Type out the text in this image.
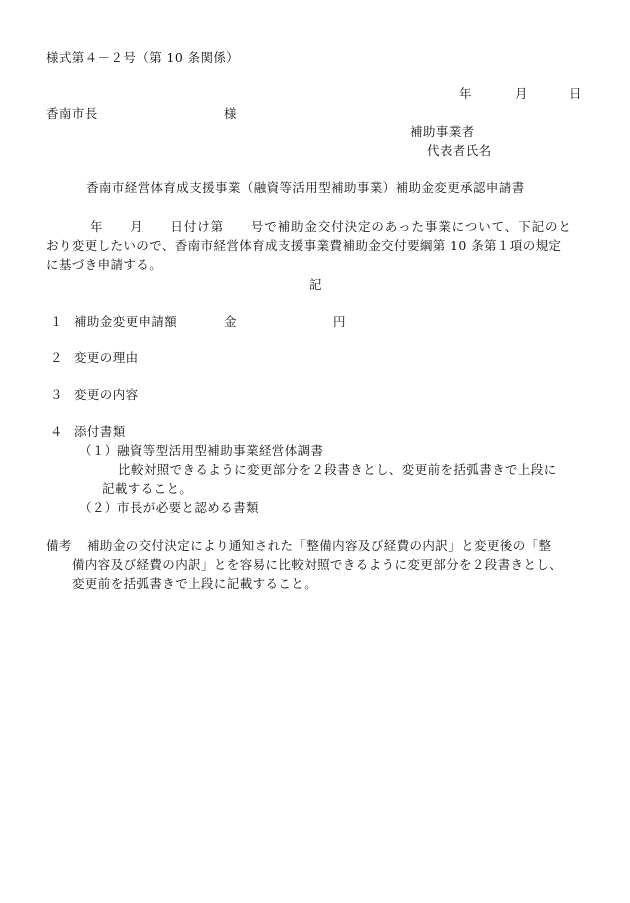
様式第４－２号（第 10 条関係）
年	月	日
香南市長	様
補助事業者
代表者氏名
香南市経営体育成支援事業（融資等活用型補助事業）補助金変更承認申請書
年　　月　　日付け第　　号で補助金交付決定のあった事業について、下記のと
おり変更したいので、香南市経営体育成支援事業費補助金交付要綱第 10 条第１項の規定
に基づき申請する。
記
１ 補助金変更申請額	金	円
２ 変更の理由
３ 変更の内容
４ 添付書類
（１） 融資等型活用型補助事業経営体調書
比較対照できるように変更部分を２段書きとし、変更前を括弧書きで上段に
記載すること。
（２） 市長が必要と認める書類
備考 補助金の交付決定により通知された「整備内容及び経費の内訳」と変更後の「整
備内容及び経費の内訳」とを容易に比較対照できるように変更部分を２段書きとし、
変更前を括弧書きで上段に記載すること。
